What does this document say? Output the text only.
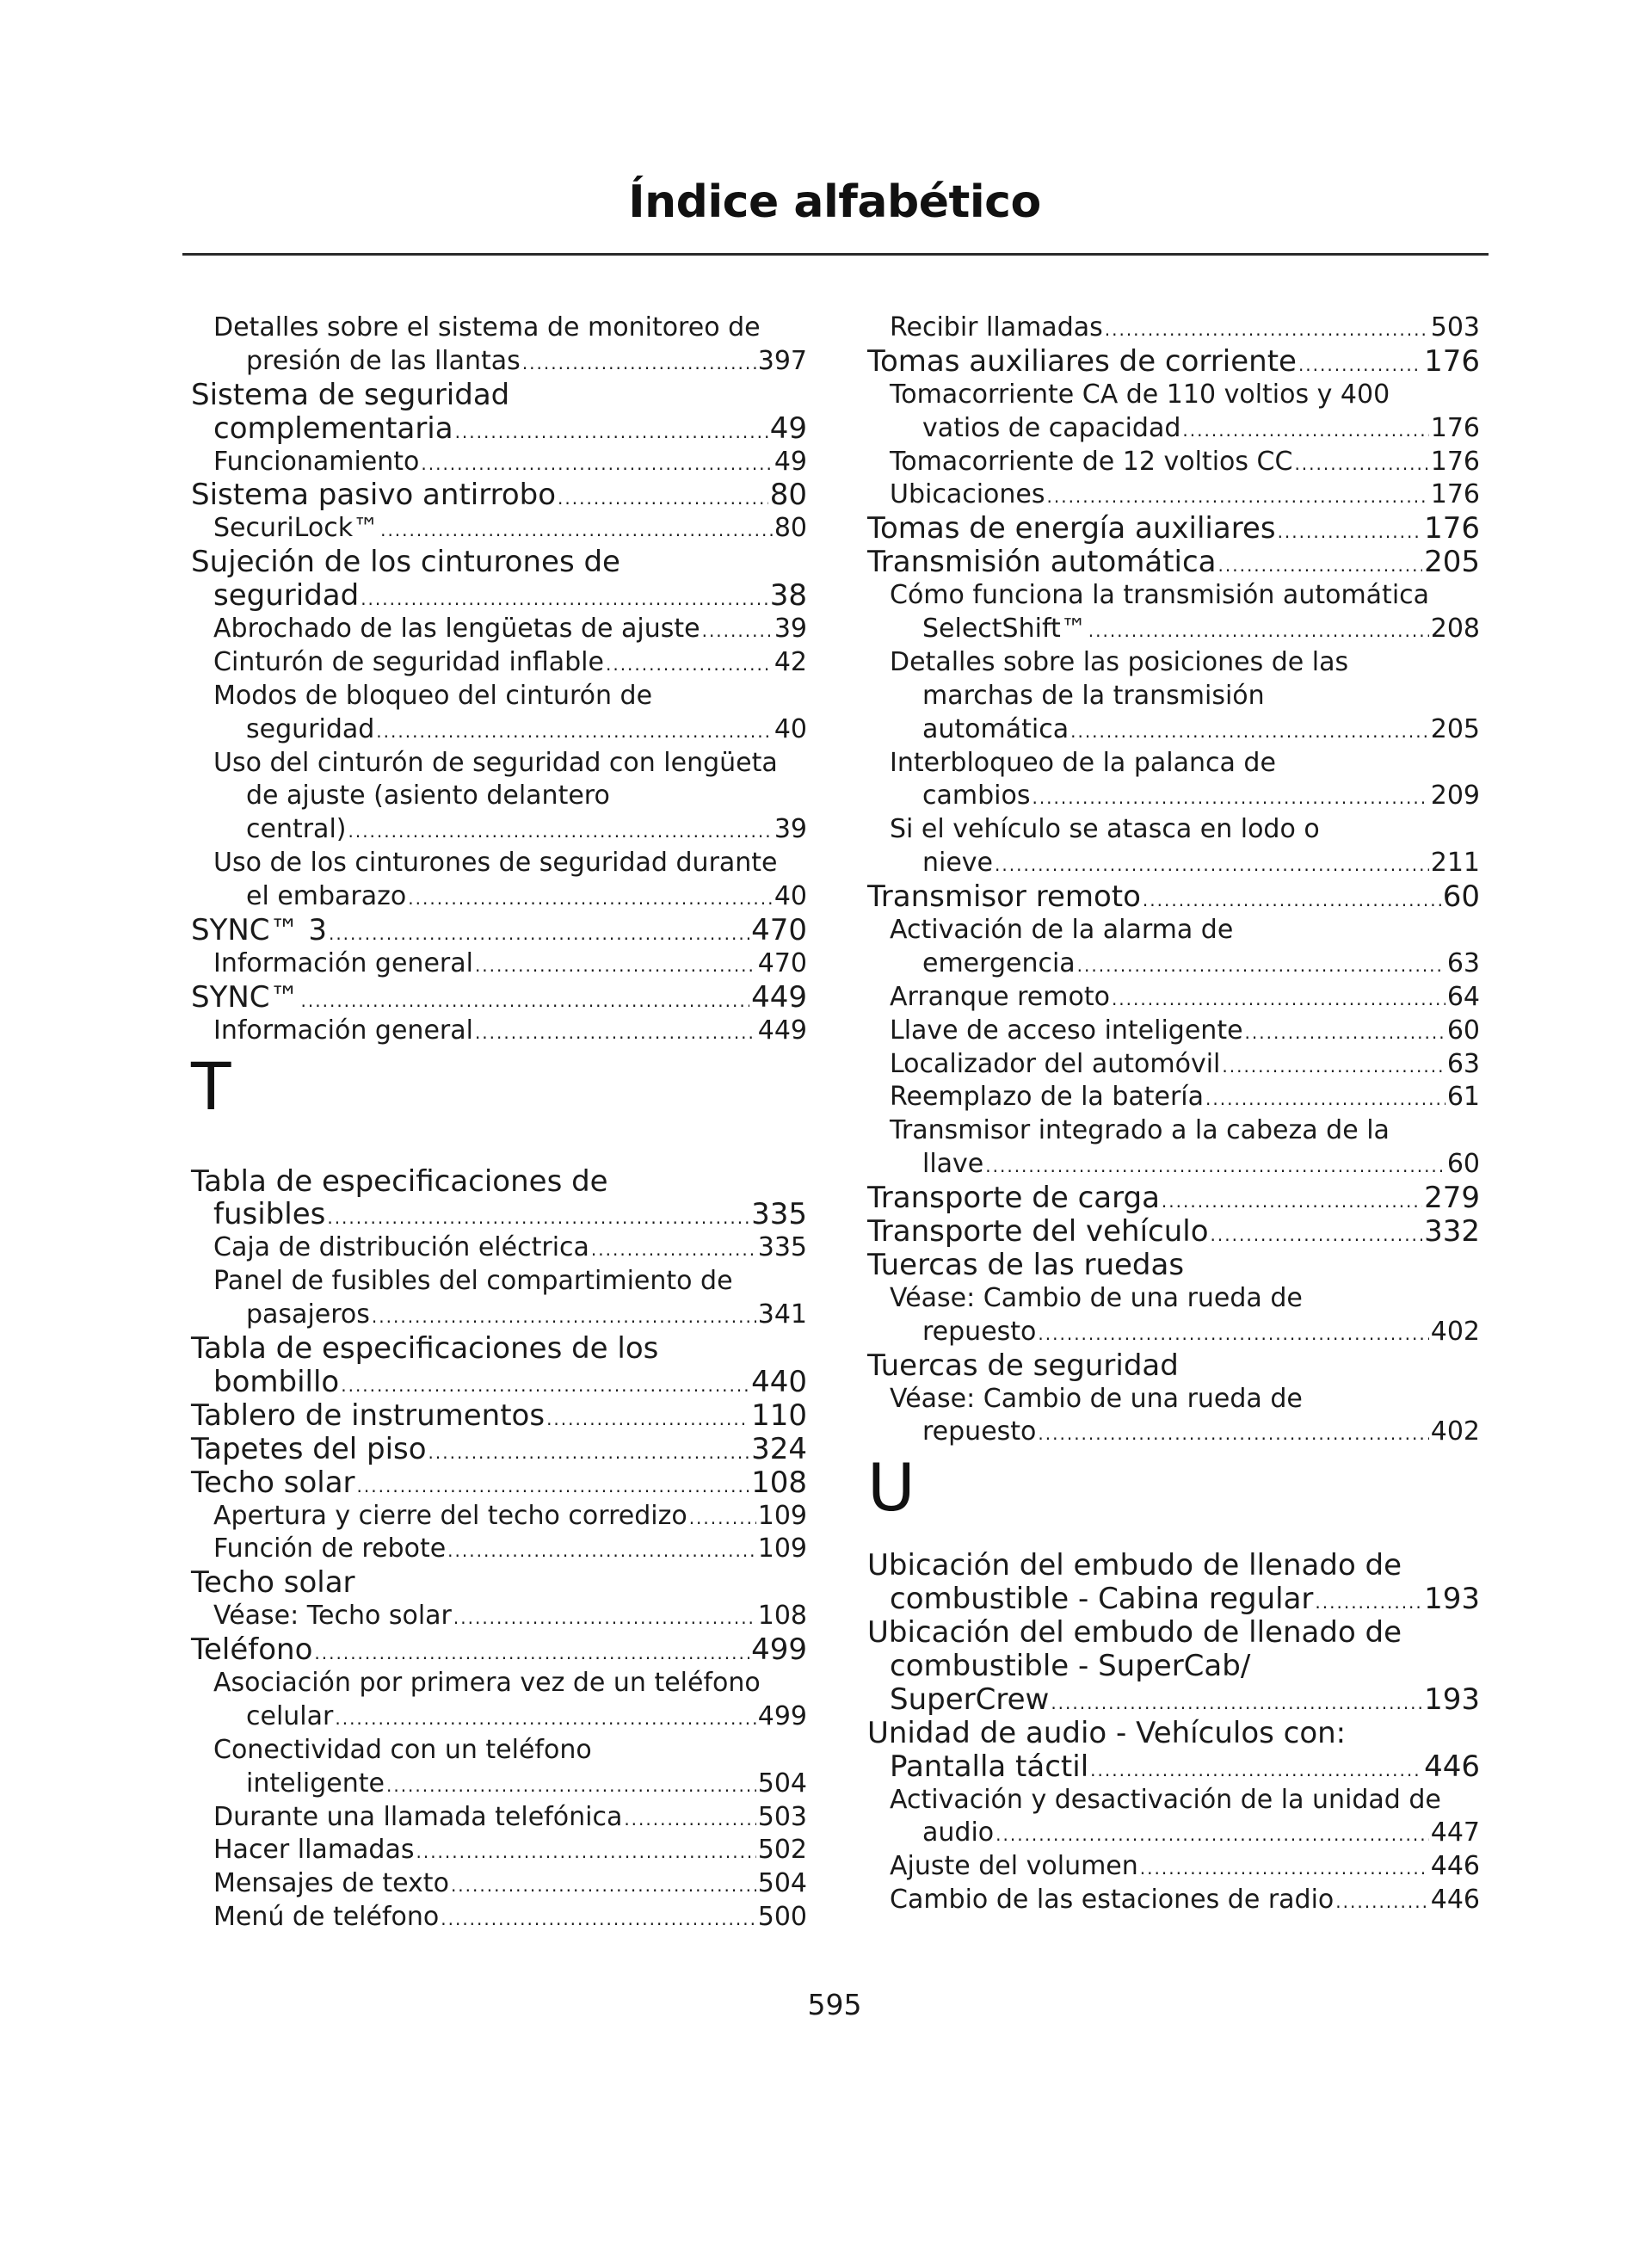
Índice alfabético
Detalles sobre el sistema de monitoreo de
presión de las llantas .....	397
Sistema de seguridad
complementaria .....	49
Funcionamiento .....	49
Sistema pasivo antirrobo .....	80
SecuriLock™ .....	80
Sujeción de los cinturones de
seguridad .....	38
Abrochado de las lengüetas de ajuste .....	39
Cinturón de seguridad inflable .....	42
Modos de bloqueo del cinturón de
seguridad .....	40
Uso del cinturón de seguridad con lengüeta
de ajuste (asiento delantero
central) .....	39
Uso de los cinturones de seguridad durante
el embarazo .....	40
SYNC™ 3 .....	470
Información general .....	470
SYNC™ .....	449
Información general .....	449
T
Tabla de especificaciones de
fusibles .....	335
Caja de distribución eléctrica .....	335
Panel de fusibles del compartimiento de
pasajeros .....	341
Tabla de especificaciones de los
bombillo .....	440
Tablero de instrumentos .....	110
Tapetes del piso .....	324
Techo solar .....	108
Apertura y cierre del techo corredizo .....	109
Función de rebote .....	109
Techo solar
Véase: Techo solar .....	108
Teléfono .....	499
Asociación por primera vez de un teléfono
celular .....	499
Conectividad con un teléfono
inteligente .....	504
Durante una llamada telefónica .....	503
Hacer llamadas .....	502
Mensajes de texto .....	504
Menú de teléfono .....	500
Recibir llamadas .....	503
Tomas auxiliares de corriente .....	176
Tomacorriente CA de 110 voltios y 400
vatios de capacidad .....	176
Tomacorriente de 12 voltios CC .....	176
Ubicaciones .....	176
Tomas de energía auxiliares .....	176
Transmisión automática .....	205
Cómo funciona la transmisión automática
SelectShift™ .....	208
Detalles sobre las posiciones de las
marchas de la transmisión
automática .....	205
Interbloqueo de la palanca de
cambios .....	209
Si el vehículo se atasca en lodo o
nieve .....	211
Transmisor remoto .....	60
Activación de la alarma de
emergencia .....	63
Arranque remoto .....	64
Llave de acceso inteligente .....	60
Localizador del automóvil .....	63
Reemplazo de la batería .....	61
Transmisor integrado a la cabeza de la
llave .....	60
Transporte de carga .....	279
Transporte del vehículo .....	332
Tuercas de las ruedas
Véase: Cambio de una rueda de
repuesto .....	402
Tuercas de seguridad
Véase: Cambio de una rueda de
repuesto .....	402
U
Ubicación del embudo de llenado de
combustible - Cabina regular .....	193
Ubicación del embudo de llenado de
combustible - SuperCab/
SuperCrew .....	193
Unidad de audio - Vehículos con:
Pantalla táctil .....	446
Activación y desactivación de la unidad de
audio .....	447
Ajuste del volumen .....	446
Cambio de las estaciones de radio .....	446
595
